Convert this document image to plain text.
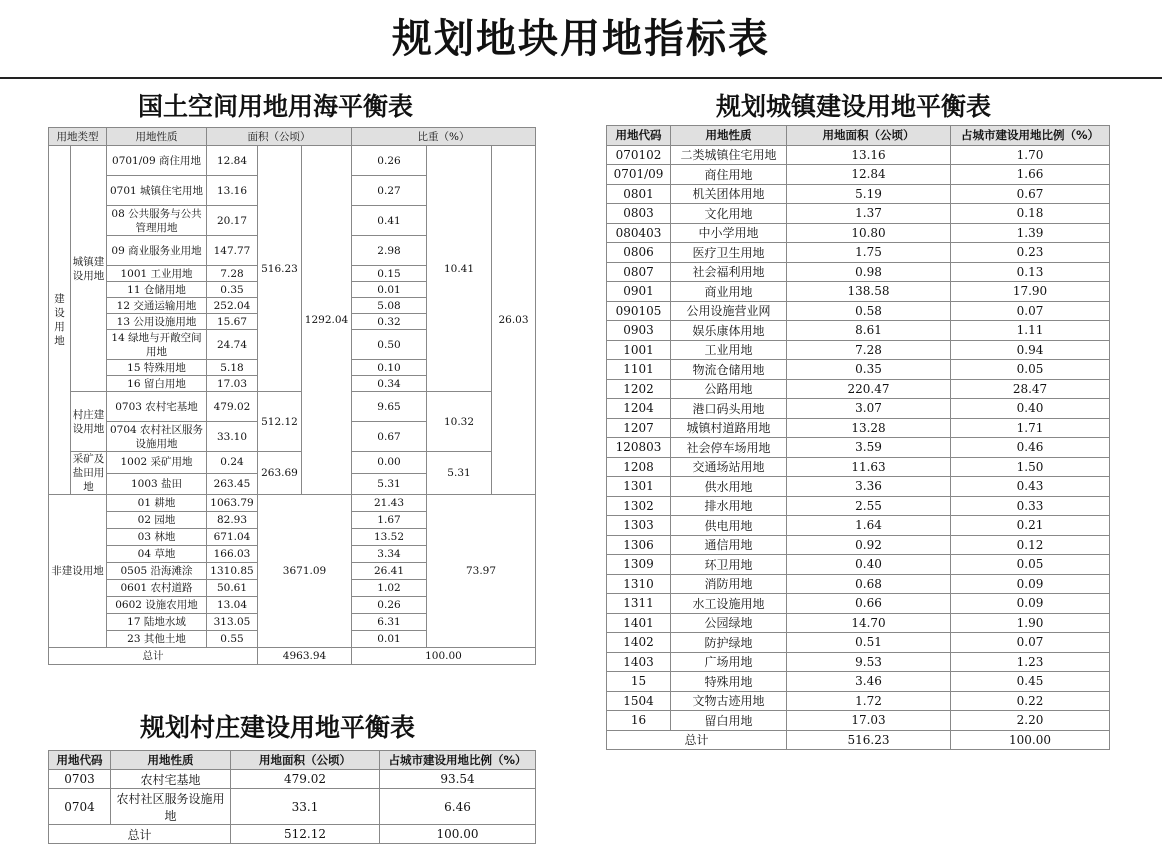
规划地块用地指标表
国土空间用地用海平衡表
用地类型		用地性质	面积（公顷）			比重（%）		
建设用地	城镇建设用地	0701/09 商住用地	12.84	516.23	1292.04	0.26	10.41	26.03
		0701 城镇住宅用地	13.16			0.27		
		08 公共服务与公共管理用地	20.17			0.41		
		09 商业服务业用地	147.77			2.98		
		1001 工业用地	7.28			0.15		
		11 仓储用地	0.35			0.01		
		12 交通运输用地	252.04			5.08		
		13 公用设施用地	15.67			0.32		
		14 绿地与开敞空间用地	24.74			0.50		
		15 特殊用地	5.18			0.10		
		16 留白用地	17.03			0.34		
	村庄建设用地	0703 农村宅基地	479.02	512.12		9.65	10.32	
		0704 农村社区服务设施用地	33.10			0.67		
	采矿及盐田用地	1002 采矿用地	0.24	263.69		0.00	5.31	
		1003 盐田	263.45			5.31		
非建设用地		01 耕地	1063.79	3671.09		21.43	73.97	
		02 园地	82.93			1.67		
		03 林地	671.04			13.52		
		04 草地	166.03			3.34		
		0505 沿海滩涂	1310.85			26.41		
		0601 农村道路	50.61			1.02		
		0602 设施农用地	13.04			0.26		
		17 陆地水域	313.05			6.31		
		23 其他土地	0.55			0.01		
总计				4963.94		100.00		
规划城镇建设用地平衡表
用地代码	用地性质	用地面积（公顷）	占城市建设用地比例（%）
070102	二类城镇住宅用地	13.16	1.70
0701/09	商住用地	12.84	1.66
0801	机关团体用地	5.19	0.67
0803	文化用地	1.37	0.18
080403	中小学用地	10.80	1.39
0806	医疗卫生用地	1.75	0.23
0807	社会福利用地	0.98	0.13
0901	商业用地	138.58	17.90
090105	公用设施营业网	0.58	0.07
0903	娱乐康体用地	8.61	1.11
1001	工业用地	7.28	0.94
1101	物流仓储用地	0.35	0.05
1202	公路用地	220.47	28.47
1204	港口码头用地	3.07	0.40
1207	城镇村道路用地	13.28	1.71
120803	社会停车场用地	3.59	0.46
1208	交通场站用地	11.63	1.50
1301	供水用地	3.36	0.43
1302	排水用地	2.55	0.33
1303	供电用地	1.64	0.21
1306	通信用地	0.92	0.12
1309	环卫用地	0.40	0.05
1310	消防用地	0.68	0.09
1311	水工设施用地	0.66	0.09
1401	公园绿地	14.70	1.90
1402	防护绿地	0.51	0.07
1403	广场用地	9.53	1.23
15	特殊用地	3.46	0.45
1504	文物古迹用地	1.72	0.22
16	留白用地	17.03	2.20
总计		516.23	100.00
规划村庄建设用地平衡表
用地代码	用地性质	用地面积（公顷）	占城市建设用地比例（%）
0703	农村宅基地	479.02	93.54
0704	农村社区服务设施用地	33.1	6.46
总计		512.12	100.00
